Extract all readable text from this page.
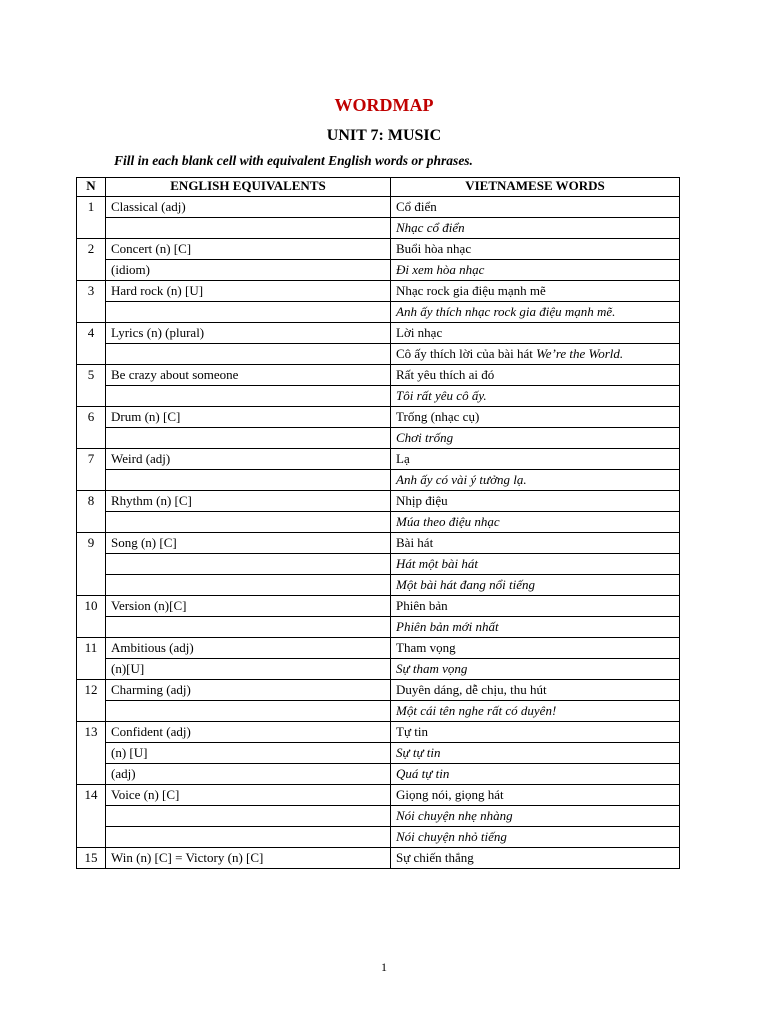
WORDMAP
UNIT 7: MUSIC
Fill in each blank cell with equivalent English words or phrases.
N	ENGLISH EQUIVALENTS	VIETNAMESE WORDS
1	Classical (adj)	Cổ điển
		Nhạc cổ điển
2	Concert (n) [C]	Buổi hòa nhạc
	(idiom)	Đi xem hòa nhạc
3	Hard rock (n) [U]	Nhạc rock gia điệu mạnh mẽ
		Anh ấy thích nhạc rock gia điệu mạnh mẽ.
4	Lyrics (n) (plural)	Lời nhạc
		Cô ấy thích lời của bài hát We’re the World.
5	Be crazy about someone	Rất yêu thích ai đó
		Tôi rất yêu cô ấy.
6	Drum (n) [C]	Trống (nhạc cụ)
		Chơi trống
7	Weird (adj)	Lạ
		Anh ấy có vài ý tưởng lạ.
8	Rhythm (n) [C]	Nhịp điệu
		Múa theo điệu nhạc
9	Song (n) [C]	Bài hát
		Hát một bài hát
		Một bài hát đang nổi tiếng
10	Version (n)[C]	Phiên bản
		Phiên bản mới nhất
11	Ambitious (adj)	Tham vọng
	(n)[U]	Sự tham vọng
12	Charming (adj)	Duyên dáng, dễ chịu, thu hút
		Một cái tên nghe rất có duyên!
13	Confident (adj)	Tự tin
	(n) [U]	Sự tự tin
	(adj)	Quá tự tin
14	Voice (n) [C]	Giọng nói, giọng hát
		Nói chuyện nhẹ nhàng
		Nói chuyện nhỏ tiếng
15	Win (n) [C] = Victory (n) [C]	Sự chiến thắng
1
